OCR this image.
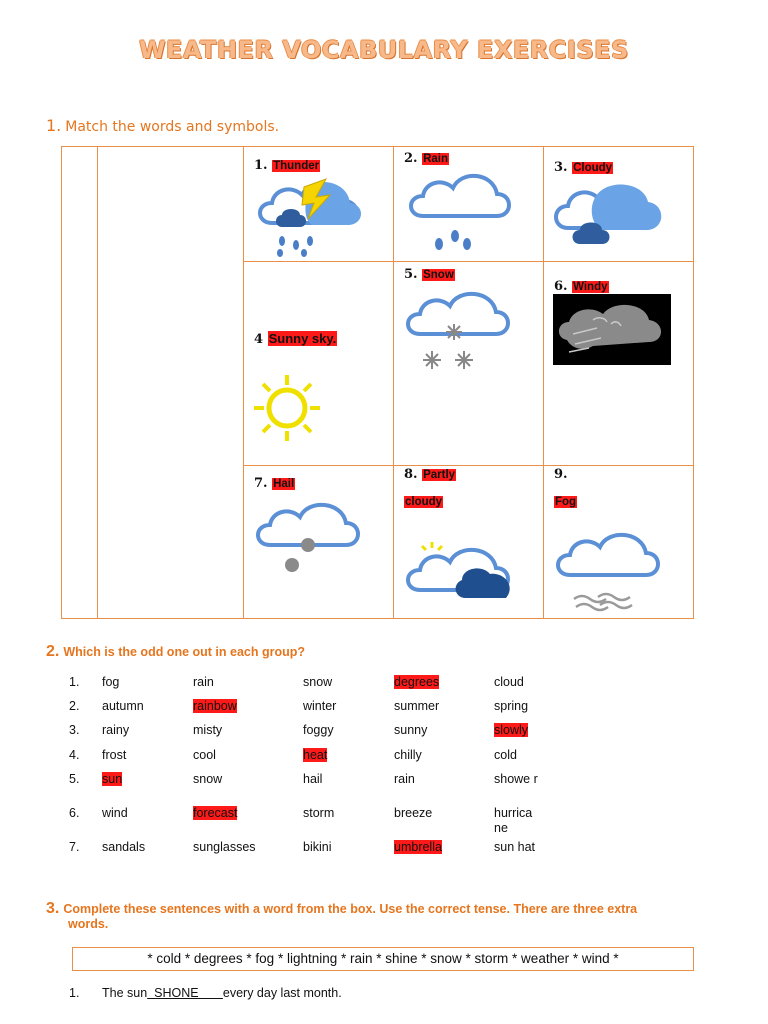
WEATHER VOCABULARY EXERCISES
1. Match the words and symbols.
1. Thunder	2. Rain
3. Cloudy
4 Sunny sky.
5. Snow
6. Windy
7. Hail
8. Partly
cloudy
9.
Fog
2. Which is the odd one out in each group?
1. fog	rain	snow	degrees	cloud
2. autumn	rainbow	winter	summer	spring
3. rainy	misty	foggy	sunny	slowly
4. frost	cool	heat	chilly	cold
5. sun	snow	hail	rain	showe r
6. wind	forecast	storm	breeze	hurrica ne
7. sandals	sunglasses	bikini	umbrella	sun hat
3. Complete these sentences with a word from the box. Use the correct tense. There are three extra
words.
* cold * degrees * fog * lightning * rain * shine * snow * storm * weather * wind *
1. The sun  SHONE       every day last month.
